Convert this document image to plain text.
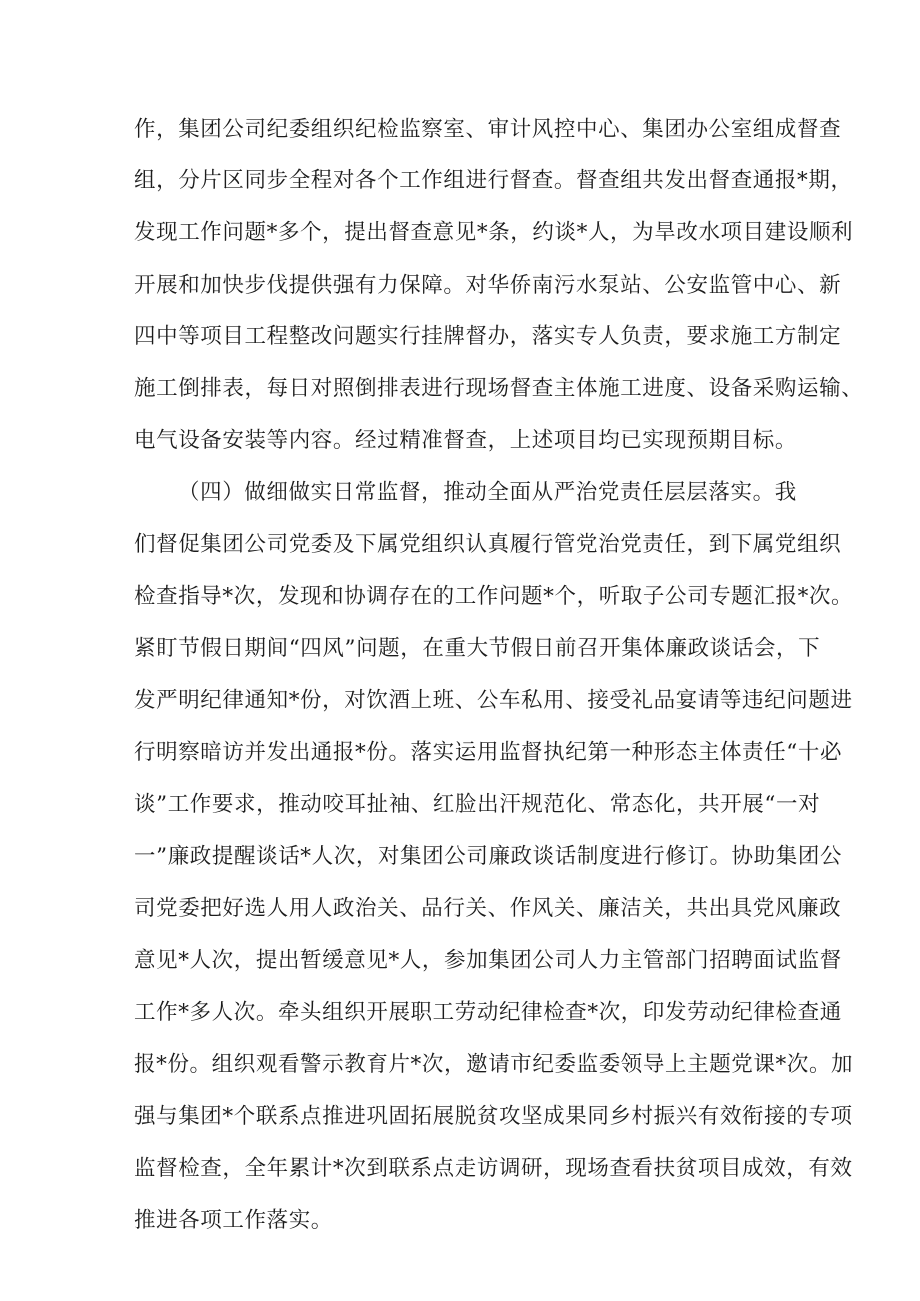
作，集团公司纪委组织纪检监察室、审计风控中心、集团办公室组成督查
组，分片区同步全程对各个工作组进行督查。督查组共发出督查通报*期，
发现工作问题*多个，提出督查意见*条，约谈*人，为旱改水项目建设顺利
开展和加快步伐提供强有力保障。对华侨南污水泵站、公安监管中心、新
四中等项目工程整改问题实行挂牌督办，落实专人负责，要求施工方制定
施工倒排表，每日对照倒排表进行现场督查主体施工进度、设备采购运输、
电气设备安装等内容。经过精准督查，上述项目均已实现预期目标。
（四）做细做实日常监督，推动全面从严治党责任层层落实。我
们督促集团公司党委及下属党组织认真履行管党治党责任，到下属党组织
检查指导*次，发现和协调存在的工作问题*个，听取子公司专题汇报*次。
紧盯节假日期间“四风”问题，在重大节假日前召开集体廉政谈话会，下
发严明纪律通知*份，对饮酒上班、公车私用、接受礼品宴请等违纪问题进
行明察暗访并发出通报*份。落实运用监督执纪第一种形态主体责任“十必
谈”工作要求，推动咬耳扯袖、红脸出汗规范化、常态化，共开展“一对
一”廉政提醒谈话*人次，对集团公司廉政谈话制度进行修订。协助集团公
司党委把好选人用人政治关、品行关、作风关、廉洁关，共出具党风廉政
意见*人次，提出暂缓意见*人，参加集团公司人力主管部门招聘面试监督
工作*多人次。牵头组织开展职工劳动纪律检查*次，印发劳动纪律检查通
报*份。组织观看警示教育片*次，邀请市纪委监委领导上主题党课*次。加
强与集团*个联系点推进巩固拓展脱贫攻坚成果同乡村振兴有效衔接的专项
监督检查，全年累计*次到联系点走访调研，现场查看扶贫项目成效，有效
推进各项工作落实。
